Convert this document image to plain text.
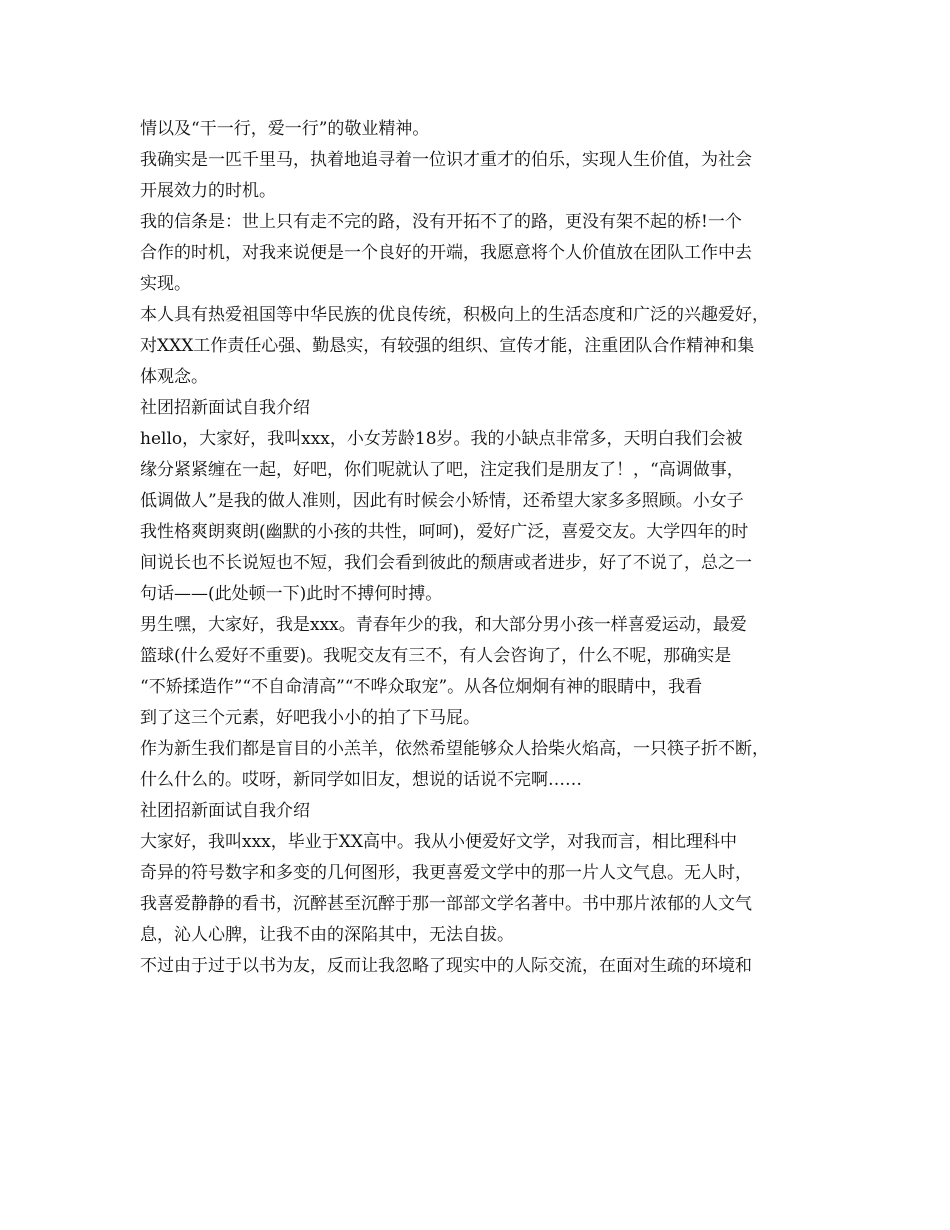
情以及“干一行，爱一行”的敬业精神。
我确实是一匹千里马，执着地追寻着一位识才重才的伯乐，实现人生价值，为社会
开展效力的时机。
我的信条是：世上只有走不完的路，没有开拓不了的路，更没有架不起的桥!一个
合作的时机，对我来说便是一个良好的开端，我愿意将个人价值放在团队工作中去
实现。
本人具有热爱祖国等中华民族的优良传统，积极向上的生活态度和广泛的兴趣爱好，
对XXX工作责任心强、勤恳实，有较强的组织、宣传才能，注重团队合作精神和集
体观念。
社团招新面试自我介绍
hello，大家好，我叫xxx，小女芳龄18岁。我的小缺点非常多，天明白我们会被
缘分紧紧缠在一起，好吧，你们呢就认了吧，注定我们是朋友了！，“高调做事，
低调做人”是我的做人准则，因此有时候会小矫情，还希望大家多多照顾。小女子
我性格爽朗爽朗(幽默的小孩的共性，呵呵)，爱好广泛，喜爱交友。大学四年的时
间说长也不长说短也不短，我们会看到彼此的颓唐或者进步，好了不说了，总之一
句话——(此处顿一下)此时不搏何时搏。
男生嘿，大家好，我是xxx。青春年少的我，和大部分男小孩一样喜爱运动，最爱
篮球(什么爱好不重要)。我呢交友有三不，有人会咨询了，什么不呢，那确实是
“不矫揉造作”“不自命清高”“不哗众取宠”。从各位炯炯有神的眼睛中，我看
到了这三个元素，好吧我小小的拍了下马屁。
作为新生我们都是盲目的小羔羊，依然希望能够众人拾柴火焰高，一只筷子折不断，
什么什么的。哎呀，新同学如旧友，想说的话说不完啊……
社团招新面试自我介绍
大家好，我叫xxx，毕业于XX高中。我从小便爱好文学，对我而言，相比理科中
奇异的符号数字和多变的几何图形，我更喜爱文学中的那一片人文气息。无人时，
我喜爱静静的看书，沉醉甚至沉醉于那一部部文学名著中。书中那片浓郁的人文气
息，沁人心脾，让我不由的深陷其中，无法自拔。
不过由于过于以书为友，反而让我忽略了现实中的人际交流，在面对生疏的环境和
